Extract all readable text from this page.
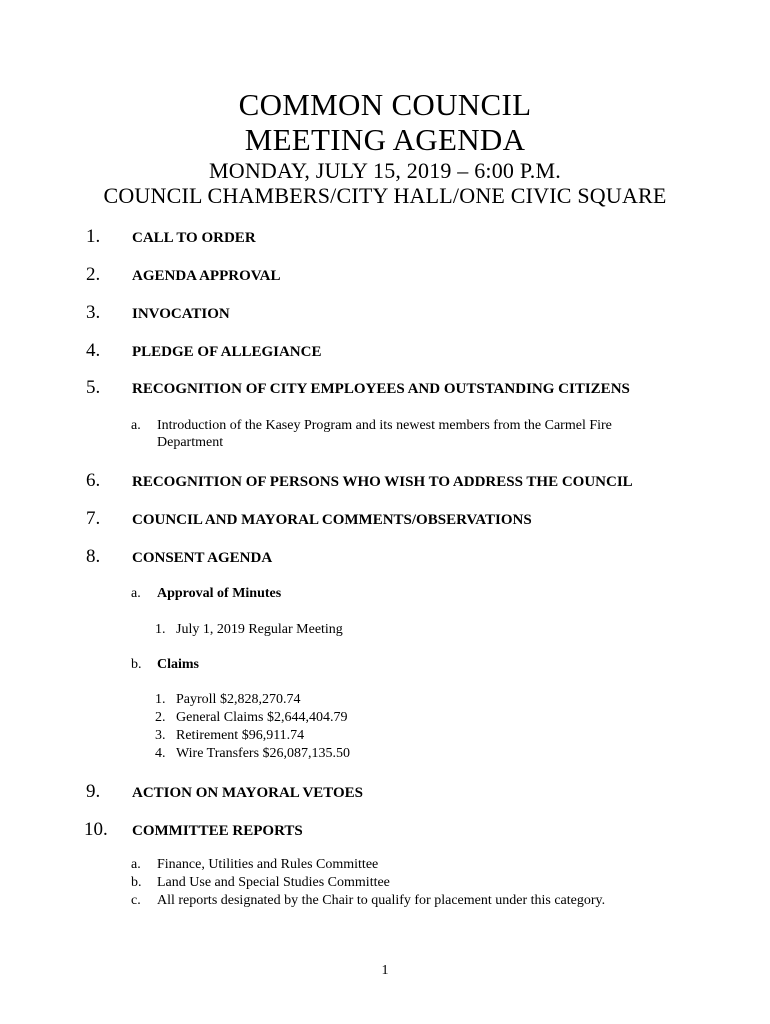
COMMON COUNCIL
MEETING AGENDA
MONDAY, JULY 15, 2019 – 6:00 P.M.
COUNCIL CHAMBERS/CITY HALL/ONE CIVIC SQUARE
1. CALL TO ORDER
2. AGENDA APPROVAL
3. INVOCATION
4. PLEDGE OF ALLEGIANCE
5. RECOGNITION OF CITY EMPLOYEES AND OUTSTANDING CITIZENS
a. Introduction of the Kasey Program and its newest members from the Carmel Fire Department
6. RECOGNITION OF PERSONS WHO WISH TO ADDRESS THE COUNCIL
7. COUNCIL AND MAYORAL COMMENTS/OBSERVATIONS
8. CONSENT AGENDA
a. Approval of Minutes
1. July 1, 2019 Regular Meeting
b. Claims
1. Payroll $2,828,270.74
2. General Claims $2,644,404.79
3. Retirement $96,911.74
4. Wire Transfers $26,087,135.50
9. ACTION ON MAYORAL VETOES
10. COMMITTEE REPORTS
a. Finance, Utilities and Rules Committee
b. Land Use and Special Studies Committee
c. All reports designated by the Chair to qualify for placement under this category.
1
